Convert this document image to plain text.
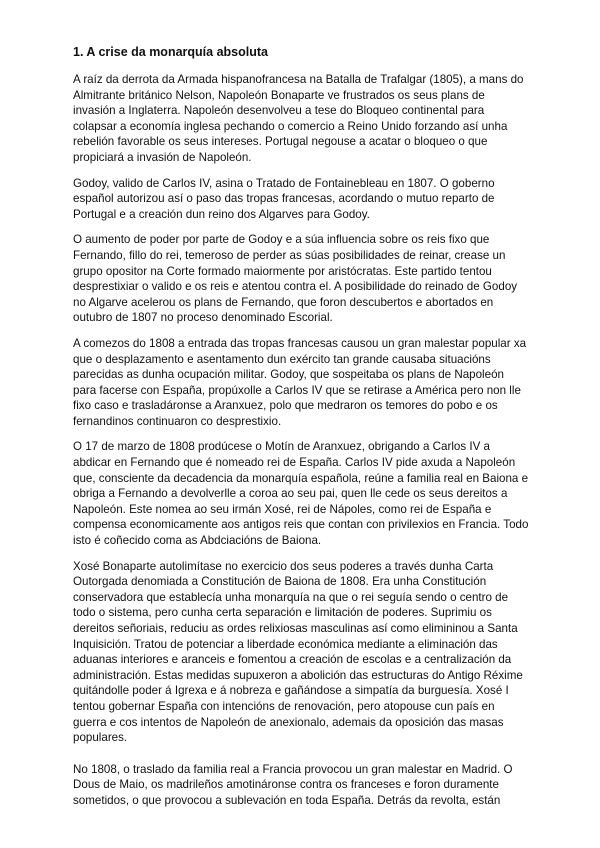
1. A crise da monarquía absoluta

A raíz da derrota da Armada hispanofrancesa na Batalla de Trafalgar (1805), a mans do Almitrante británico Nelson, Napoleón Bonaparte ve frustrados os seus plans de invasión a Inglaterra. Napoleón desenvolveu a tese do Bloqueo continental para colapsar a economía inglesa pechando o comercio a Reino Unido forzando así unha rebelión favorable os seus intereses. Portugal negouse a acatar o bloqueo o que propiciará a invasión de Napoleón.

Godoy, valido de Carlos IV, asina o Tratado de Fontainebleau en 1807. O goberno español autorizou así o paso das tropas francesas, acordando o mutuo reparto de Portugal e a creación dun reino dos Algarves para Godoy.

O aumento de poder por parte de Godoy e a súa influencia sobre os reis fixo que Fernando, fillo do rei, temeroso de perder as súas posibilidades de reinar, crease un grupo opositor na Corte formado maiormente por aristócratas. Este partido tentou desprestixiar o valido e os reis e atentou contra el. A posibilidade do reinado de Godoy no Algarve acelerou os plans de Fernando, que foron descubertos e abortados en outubro de 1807 no proceso denominado Escorial.

A comezos do 1808 a entrada das tropas francesas causou un gran malestar popular xa que o desplazamento e asentamento dun exército tan grande causaba situacións parecidas as dunha ocupación militar. Godoy, que sospeitaba os plans de Napoleón para facerse con España, propúxolle a Carlos IV que se retirase a América pero non lle fixo caso e trasladáronse a Aranxuez, polo que medraron os temores do pobo e os fernandinos continuaron co desprestixio.

O 17 de marzo de 1808 prodúcese o Motín de Aranxuez, obrigando a Carlos IV a abdicar en Fernando que é nomeado rei de España. Carlos IV pide axuda a Napoleón que, consciente da decadencia da monarquía española, reúne a familia real en Baiona e obriga a Fernando a devolverlle a coroa ao seu pai, quen lle cede os seus dereitos a Napoleón. Este nomea ao seu irmán Xosé, rei de Nápoles, como rei de España e compensa economicamente aos antigos reis que contan con privilexios en Francia. Todo isto é coñecido coma as Abdciacións de Baiona.

Xosé Bonaparte autolimítase no exercicio dos seus poderes a través dunha Carta Outorgada denomiada a Constitución de Baiona de 1808. Era unha Constitución conservadora que establecía unha monarquía na que o rei seguía sendo o centro de todo o sistema, pero cunha certa separación e limitación de poderes. Suprimiu os dereitos señoriais, reduciu as ordes relixiosas masculinas así como elimininou a Santa Inquisición. Tratou de potenciar a liberdade económica mediante a eliminación das aduanas interiores e aranceis e fomentou a creación de escolas e a centralización da administración. Estas medidas supuxeron a abolición das estructuras do Antigo Réxime quitándolle poder á Igrexa e á nobreza e gañándose a simpatía da burguesía. Xosé I tentou gobernar España con intencións de renovación, pero atopouse cun país en guerra e cos intentos de Napoleón de anexionalo, ademais da oposición das masas populares.

No 1808, o traslado da familia real a Francia provocou un gran malestar en Madrid. O Dous de Maio, os madrileños amotináronse contra os franceses e foron duramente sometidos, o que provocou a sublevación en toda España. Detrás da revolta, están
